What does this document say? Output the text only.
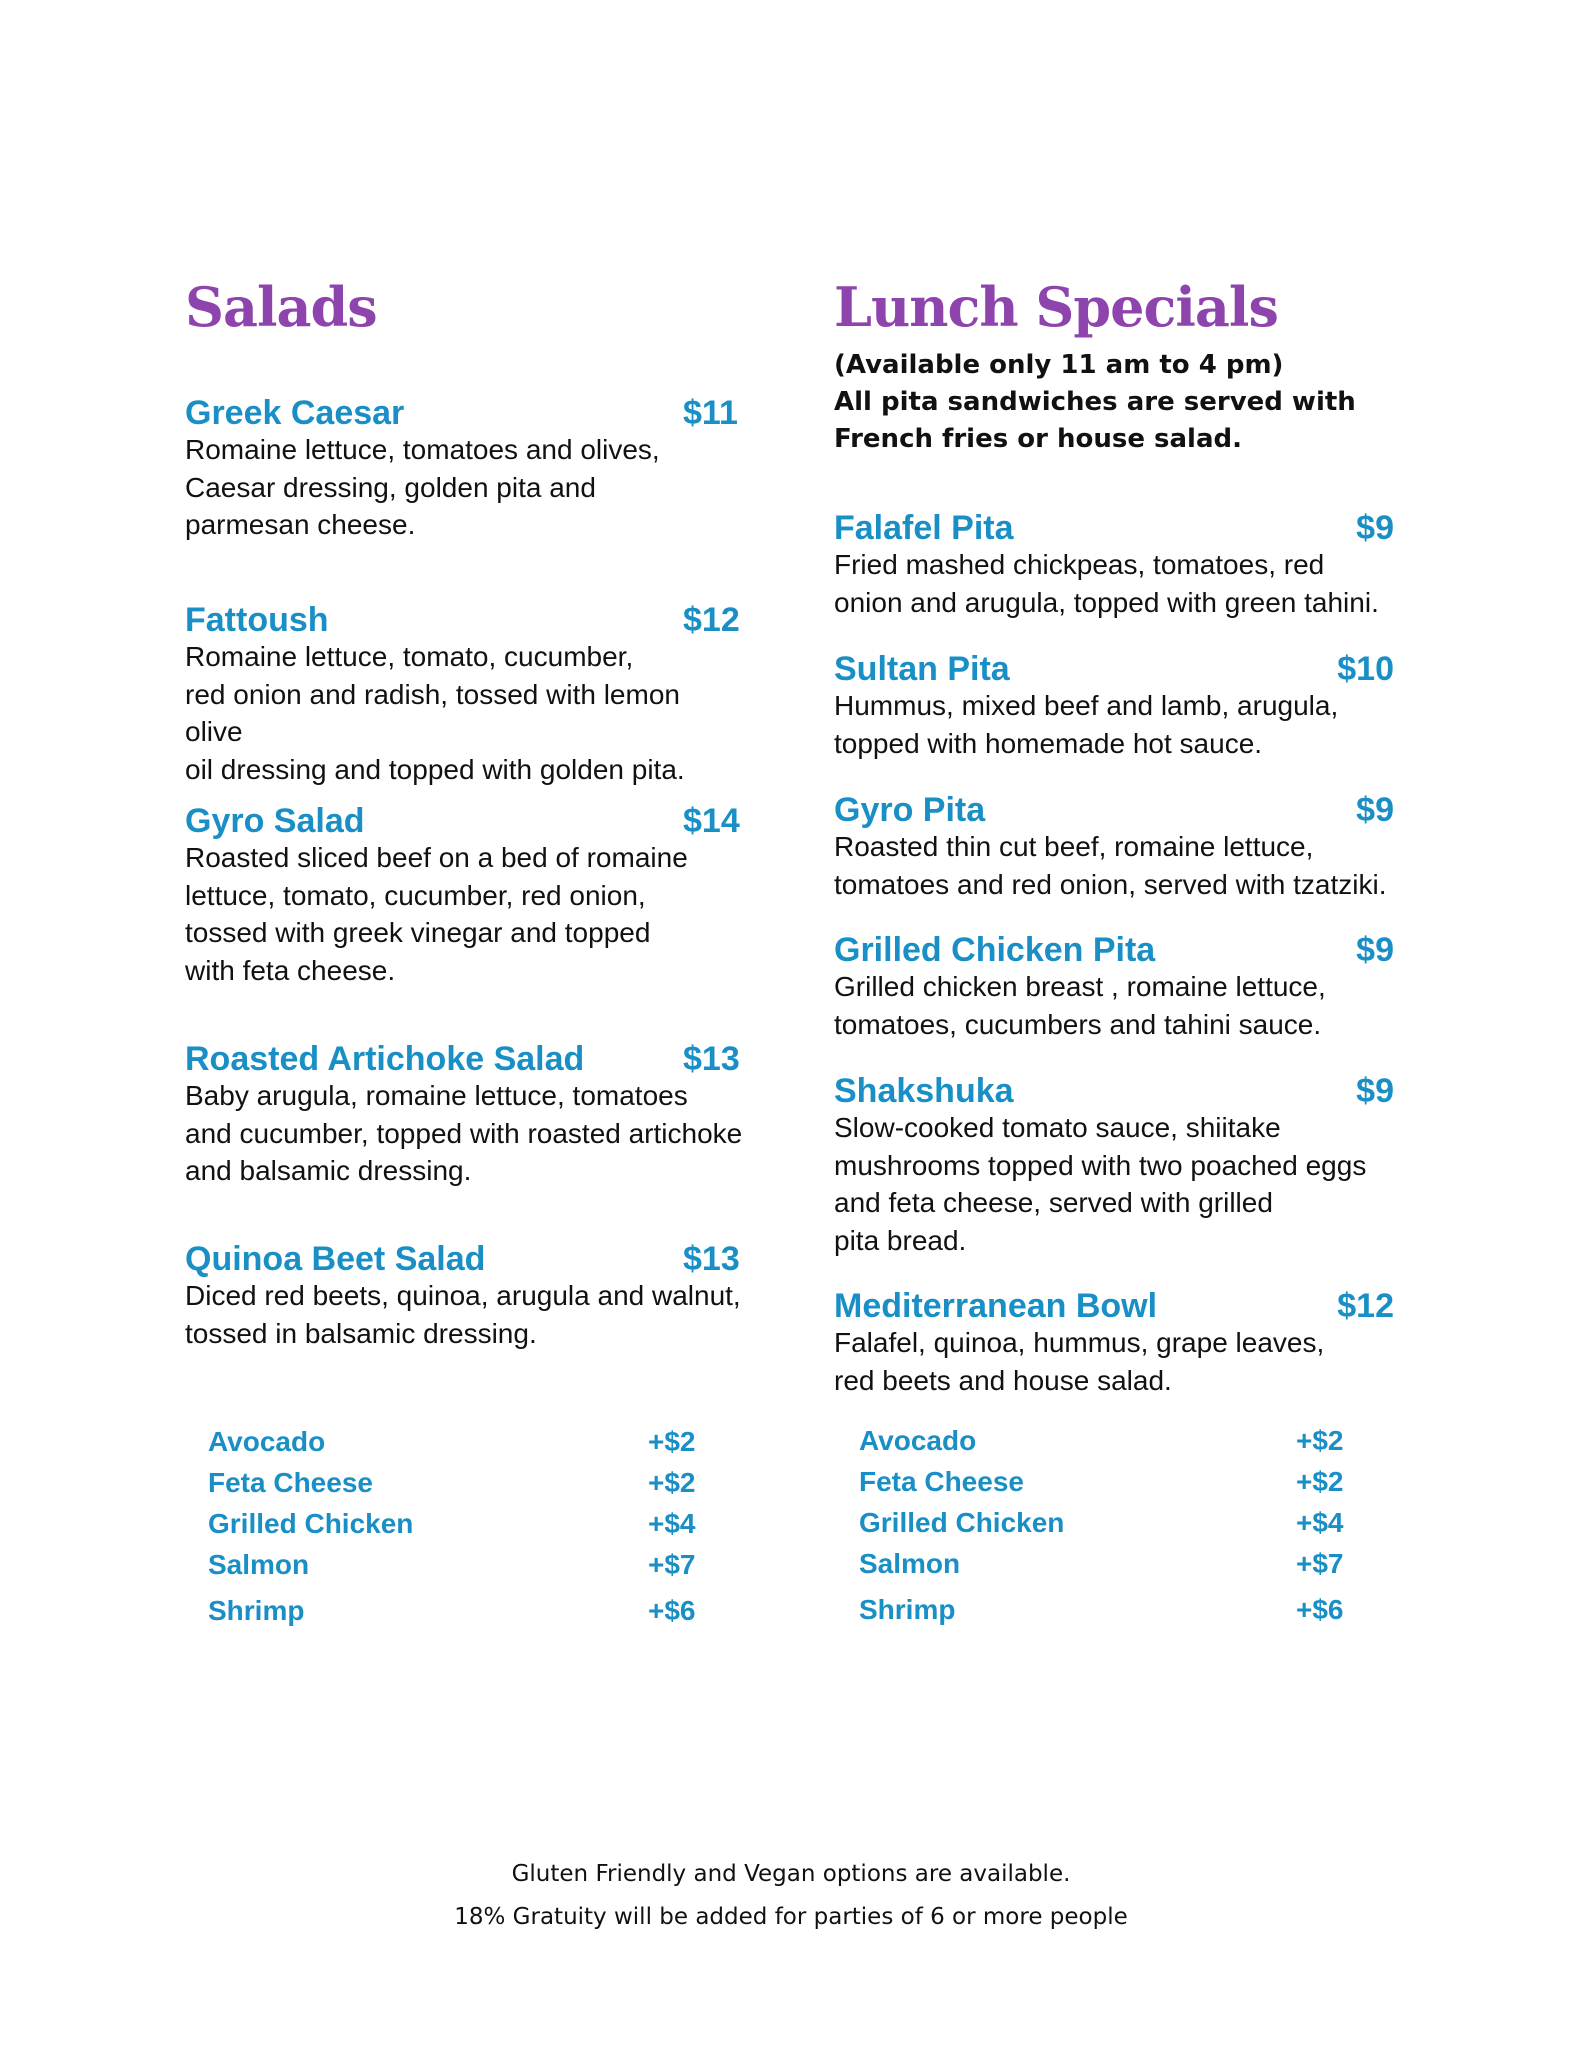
Salads
Greek Caesar	$11
Romaine lettuce, tomatoes and olives,
Caesar dressing, golden pita and
parmesan cheese.
Fattoush	$12
Romaine lettuce, tomato, cucumber,
red onion and radish, tossed with lemon olive
oil dressing and topped with golden pita.
Gyro Salad	$14
Roasted sliced beef on a bed of romaine
lettuce, tomato, cucumber, red onion,
tossed with greek vinegar and topped
with feta cheese.
Roasted Artichoke Salad	$13
Baby arugula, romaine lettuce, tomatoes
and cucumber, topped with roasted artichoke
and balsamic dressing.
Quinoa Beet Salad	$13
Diced red beets, quinoa, arugula and walnut,
tossed in balsamic dressing.
Avocado	+$2
Feta Cheese	+$2
Grilled Chicken	+$4
Salmon	+$7
Shrimp	+$6
Lunch Specials
(Available only 11 am to 4 pm)
All pita sandwiches are served with
French fries or house salad.
Falafel Pita	$9
Fried mashed chickpeas, tomatoes, red
onion and arugula, topped with green tahini.
Sultan Pita	$10
Hummus, mixed beef and lamb, arugula,
topped with homemade hot sauce.
Gyro Pita	$9
Roasted thin cut beef, romaine lettuce,
tomatoes and red onion, served with tzatziki.
Grilled Chicken Pita	$9
Grilled chicken breast , romaine lettuce,
tomatoes, cucumbers and tahini sauce.
Shakshuka	$9
Slow-cooked tomato sauce, shiitake
mushrooms topped with two poached eggs
and feta cheese, served with grilled
pita bread.
Mediterranean Bowl	$12
Falafel, quinoa, hummus, grape leaves,
red beets and house salad.
Avocado	+$2
Feta Cheese	+$2
Grilled Chicken	+$4
Salmon	+$7
Shrimp	+$6
Gluten Friendly and Vegan options are available.
18% Gratuity will be added for parties of 6 or more people
